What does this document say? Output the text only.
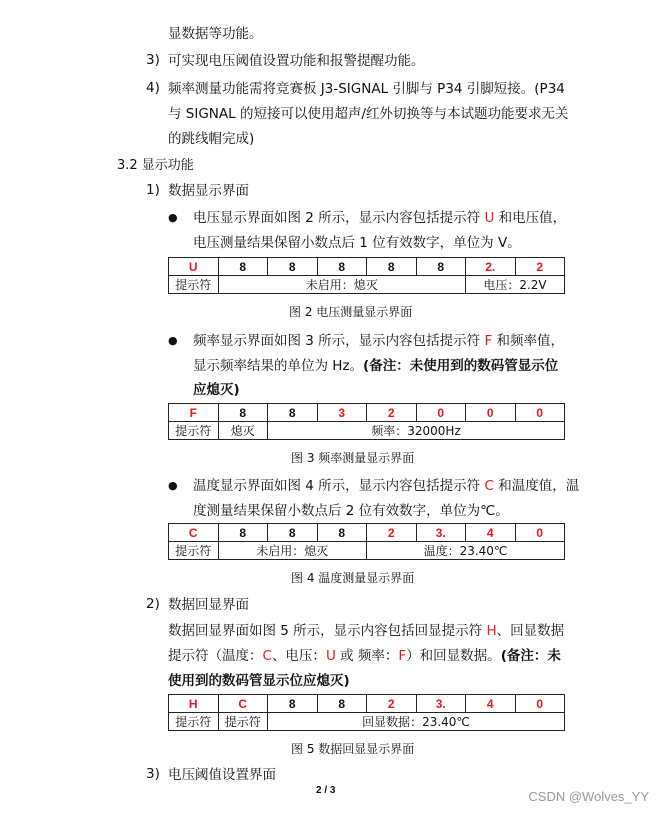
显数据等功能。
3) 可实现电压阈值设置功能和报警提醒功能。
4) 频率测量功能需将竞赛板 J3-SIGNAL 引脚与 P34 引脚短接。(P34
与 SIGNAL 的短接可以使用超声/红外切换等与本试题功能要求无关
的跳线帽完成)
3.2 显示功能
1) 数据显示界面
● 电压显示界面如图 2 所示，显示内容包括提示符 U 和电压值，
电压测量结果保留小数点后 1 位有效数字，单位为 V。
U	8	8	8	8	8	2.	2
提示符	未启用：熄灭					电压：2.2V	
图 2 电压测量显示界面
● 频率显示界面如图 3 所示，显示内容包括提示符 F 和频率值，
显示频率结果的单位为 Hz。(备注：未使用到的数码管显示位
应熄灭)
F	8	8	3	2	0	0	0
提示符	熄灭	频率：32000Hz					
图 3 频率测量显示界面
● 温度显示界面如图 4 所示，显示内容包括提示符 C 和温度值，温
度测量结果保留小数点后 2 位有效数字，单位为℃。
C	8	8	8	2	3.	4	0
提示符	未启用：熄灭			温度：23.40℃			
图 4 温度测量显示界面
2) 数据回显界面
数据回显界面如图 5 所示，显示内容包括回显提示符 H、回显数据
提示符（温度：C、电压：U 或 频率：F）和回显数据。(备注：未
使用到的数码管显示位应熄灭)
H	C	8	8	2	3.	4	0
提示符	提示符	回显数据：23.40℃					
图 5 数据回显显示界面
3) 电压阈值设置界面
2 / 3	CSDN @Wolves_YY
